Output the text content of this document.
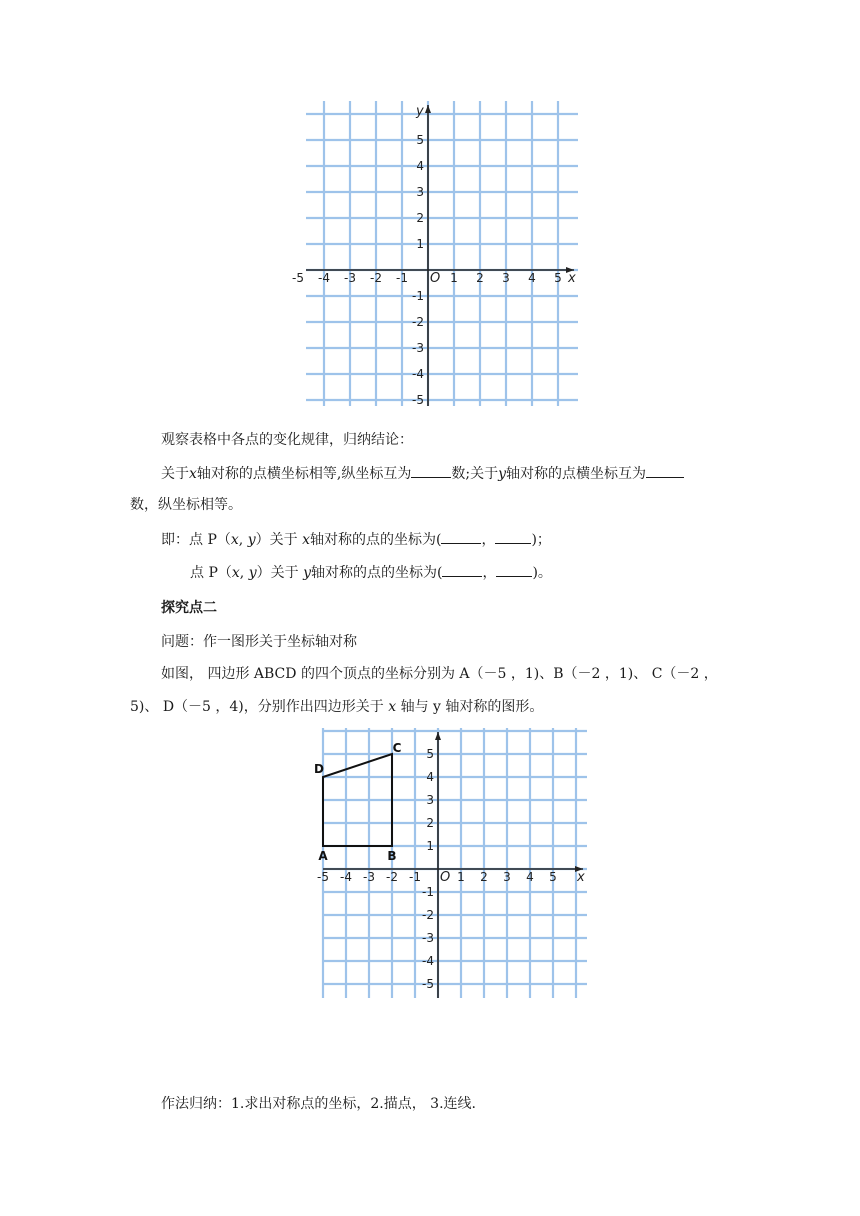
-5 -4 -3 -2 -1	1 2 3 4 5
5
4
3
2
1
-1
-2
-3
-4
-5
O	x
y
观察表格中各点的变化规律，归纳结论：
关于x轴对称的点横坐标相等,纵坐标互为	数;关于y轴对称的点横坐标互为
数，纵坐标相等。
即：点 P（x, y）关于 x轴对称的点的坐标为(	，	)；
点 P（x, y）关于 y轴对称的点的坐标为(	，	)。
探究点二
问题：作一图形关于坐标轴对称
如图， 四边形 ABCD 的四个顶点的坐标分别为 A（－5 ，1)、B（－2 ，1)、 C（－2 ，
5)、 D（－5 ，4)，分别作出四边形关于 x 轴与 y 轴对称的图形。
-5 -4 -3 -2 -1	1 2 3 4 5
5
4
3
2
1
-1
-2
-3
-4
-5
O	x
A	B
C
D
作法归纳：1.求出对称点的坐标，2.描点， 3.连线.
